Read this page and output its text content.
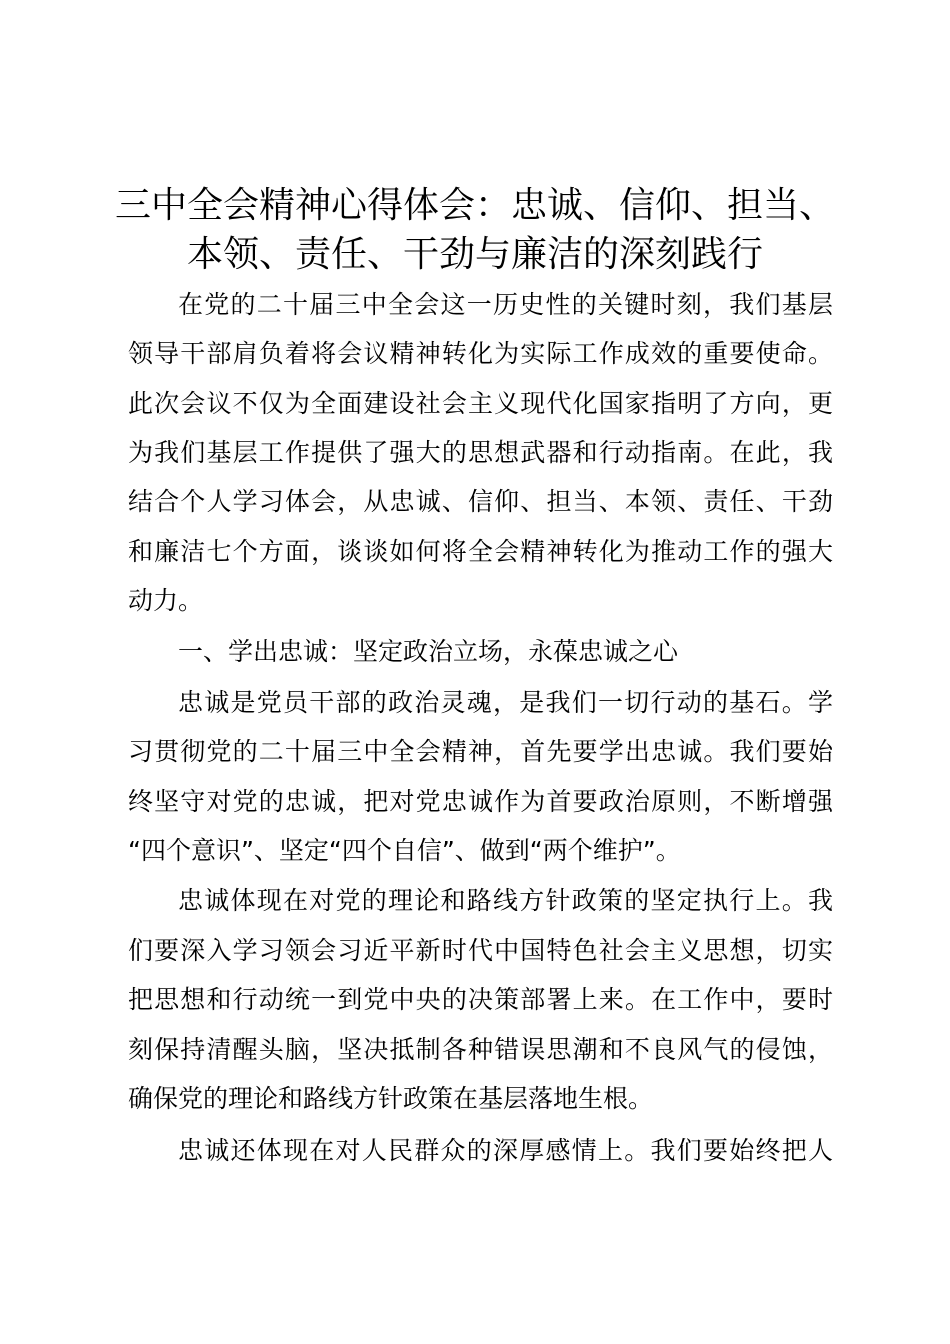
三中全会精神心得体会：忠诚、信仰、担当、
本领、责任、干劲与廉洁的深刻践行
在党的二十届三中全会这一历史性的关键时刻，我们基层
领导干部肩负着将会议精神转化为实际工作成效的重要使命。
此次会议不仅为全面建设社会主义现代化国家指明了方向，更
为我们基层工作提供了强大的思想武器和行动指南。在此，我
结合个人学习体会，从忠诚、信仰、担当、本领、责任、干劲
和廉洁七个方面，谈谈如何将全会精神转化为推动工作的强大
动力。
一、学出忠诚：坚定政治立场，永葆忠诚之心
忠诚是党员干部的政治灵魂，是我们一切行动的基石。学
习贯彻党的二十届三中全会精神，首先要学出忠诚。我们要始
终坚守对党的忠诚，把对党忠诚作为首要政治原则，不断增强
“四个意识”、坚定“四个自信”、做到“两个维护”。
忠诚体现在对党的理论和路线方针政策的坚定执行上。我
们要深入学习领会习近平新时代中国特色社会主义思想，切实
把思想和行动统一到党中央的决策部署上来。在工作中，要时
刻保持清醒头脑，坚决抵制各种错误思潮和不良风气的侵蚀，
确保党的理论和路线方针政策在基层落地生根。
忠诚还体现在对人民群众的深厚感情上。我们要始终把人
